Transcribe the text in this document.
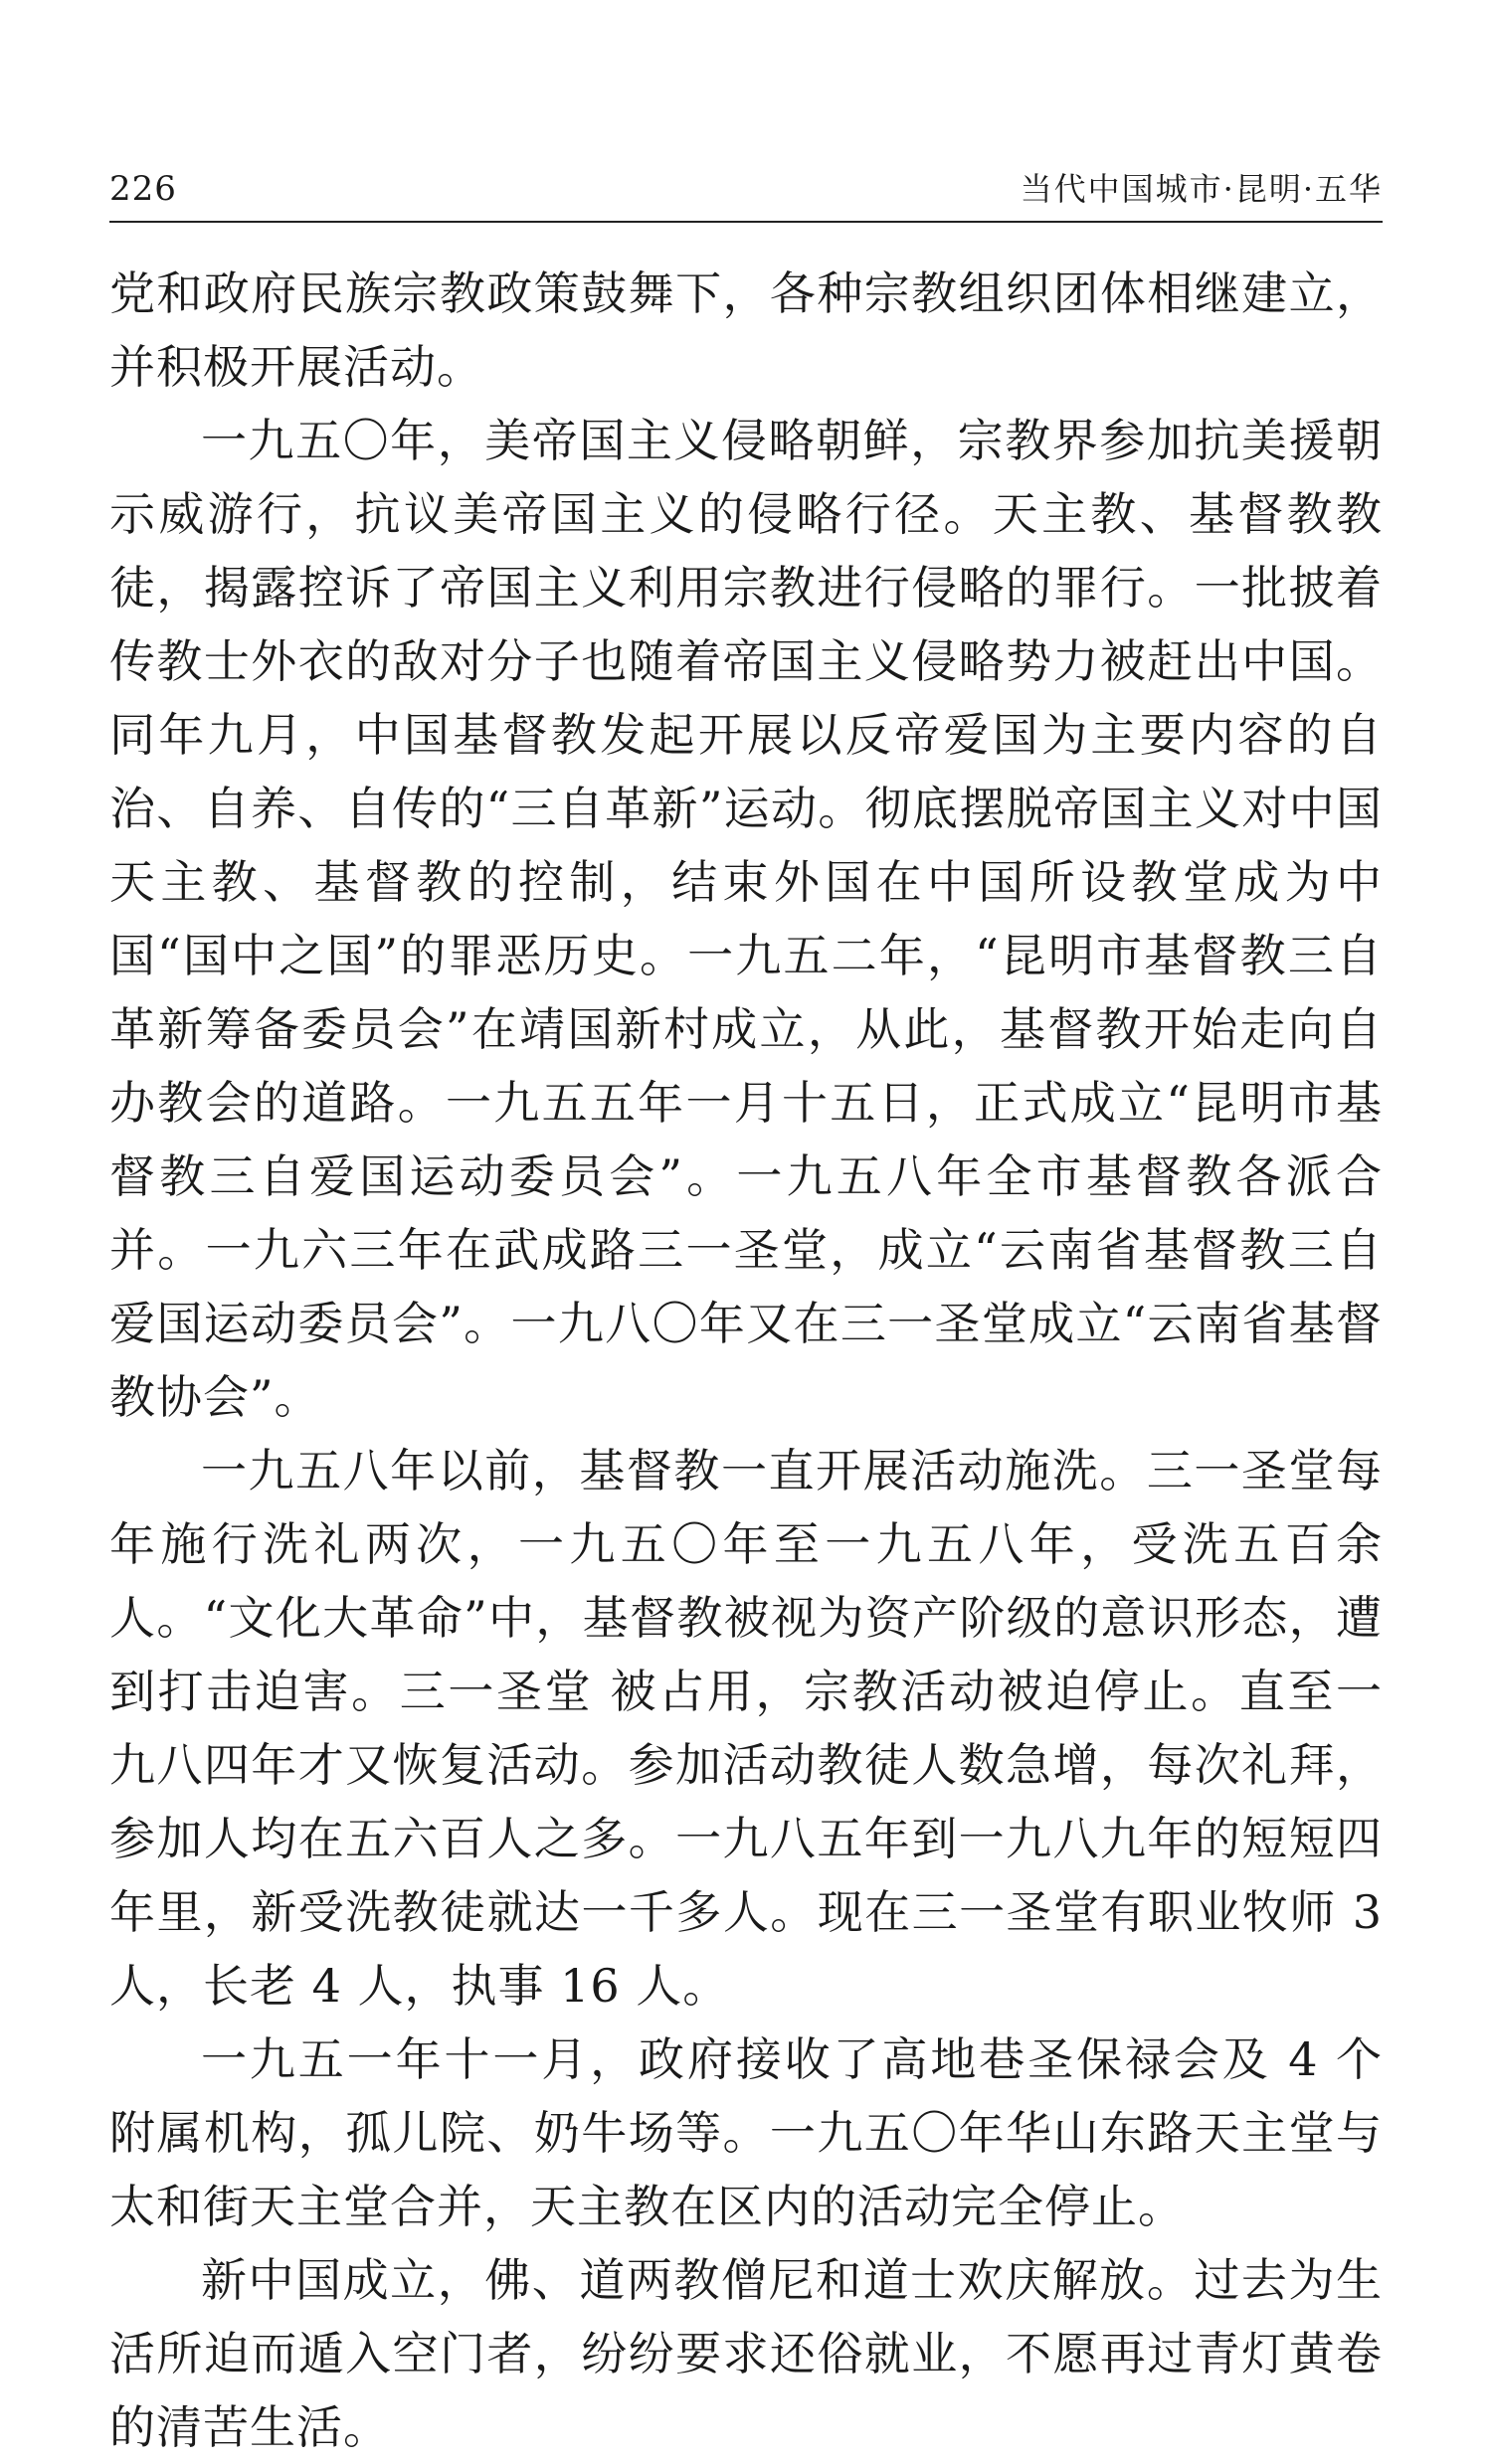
226	当代中国城市·昆明·五华

党和政府民族宗教政策鼓舞下，各种宗教组织团体相继建立，并积极开展活动。

一九五〇年，美帝国主义侵略朝鲜，宗教界参加抗美援朝示威游行，抗议美帝国主义的侵略行径。天主教、基督教教徒，揭露控诉了帝国主义利用宗教进行侵略的罪行。一批披着传教士外衣的敌对分子也随着帝国主义侵略势力被赶出中国。同年九月，中国基督教发起开展以反帝爱国为主要内容的自治、自养、自传的“三自革新”运动。彻底摆脱帝国主义对中国天主教、基督教的控制，结束外国在中国所设教堂成为中国“国中之国”的罪恶历史。一九五二年，“昆明市基督教三自革新筹备委员会”在靖国新村成立，从此，基督教开始走向自办教会的道路。一九五五年一月十五日，正式成立“昆明市基督教三自爱国运动委员会”。一九五八年全市基督教各派合并。一九六三年在武成路三一圣堂，成立“云南省基督教三自爱国运动委员会”。一九八〇年又在三一圣堂成立“云南省基督教协会”。

一九五八年以前，基督教一直开展活动施洗。三一圣堂每年施行洗礼两次，一九五〇年至一九五八年，受洗五百余人。“文化大革命”中，基督教被视为资产阶级的意识形态，遭到打击迫害。三一圣堂 被占用，宗教活动被迫停止。直至一九八四年才又恢复活动。参加活动教徒人数急增，每次礼拜，参加人均在五六百人之多。一九八五年到一九八九年的短短四年里，新受洗教徒就达一千多人。现在三一圣堂有职业牧师 3 人，长老 4 人，执事 16 人。

一九五一年十一月，政府接收了高地巷圣保禄会及 4 个附属机构，孤儿院、奶牛场等。一九五〇年华山东路天主堂与太和街天主堂合并，天主教在区内的活动完全停止。

新中国成立，佛、道两教僧尼和道士欢庆解放。过去为生活所迫而遁入空门者，纷纷要求还俗就业，不愿再过青灯黄卷的清苦生活。
